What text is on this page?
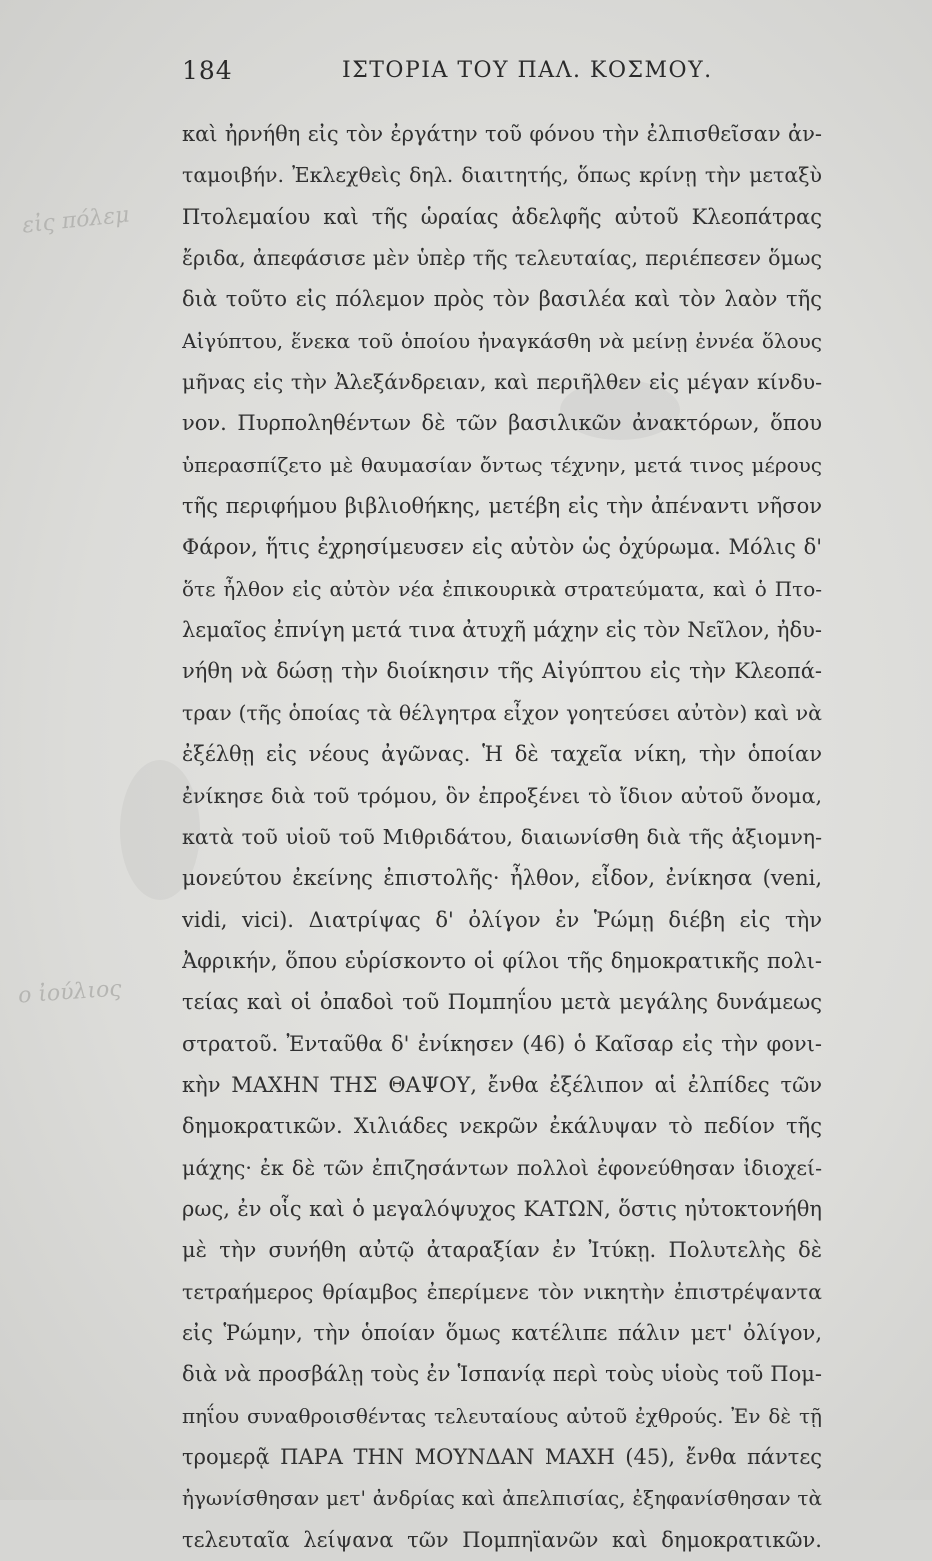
184	ΙΣΤΟΡΙΑ ΤΟΥ ΠΑΛ. ΚΟΣΜΟΥ.
εἰς πόλεμ
ο ἰούλιος
καὶ ἠρνήθη εἰς τὸν ἐργάτην τοῦ φόνου τὴν ἐλπισθεῖσαν ἀν-
ταμοιβήν. Ἐκλεχθεὶς δηλ. διαιτητής, ὅπως κρίνῃ τὴν μεταξὺ
Πτολεμαίου καὶ τῆς ὡραίας ἀδελφῆς αὐτοῦ Κλεοπάτρας
ἔριδα, ἀπεφάσισε μὲν ὑπὲρ τῆς τελευταίας, περιέπεσεν ὅμως
διὰ τοῦτο εἰς πόλεμον πρὸς τὸν βασιλέα καὶ τὸν λαὸν τῆς
Αἰγύπτου, ἕνεκα τοῦ ὁποίου ἠναγκάσθη νὰ μείνῃ ἐννέα ὅλους
μῆνας εἰς τὴν Ἀλεξάνδρειαν, καὶ περιῆλθεν εἰς μέγαν κίνδυ-
νον. Πυρποληθέντων δὲ τῶν βασιλικῶν ἀνακτόρων, ὅπου
ὑπερασπίζετο μὲ θαυμασίαν ὄντως τέχνην, μετά τινος μέρους
τῆς περιφήμου βιβλιοθήκης, μετέβη εἰς τὴν ἀπέναντι νῆσον
Φάρον, ἥτις ἐχρησίμευσεν εἰς αὐτὸν ὡς ὀχύρωμα. Μόλις δ'
ὅτε ἦλθον εἰς αὐτὸν νέα ἐπικουρικὰ στρατεύματα, καὶ ὁ Πτο-
λεμαῖος ἐπνίγη μετά τινα ἀτυχῆ μάχην εἰς τὸν Νεῖλον, ἠδυ-
νήθη νὰ δώσῃ τὴν διοίκησιν τῆς Αἰγύπτου εἰς τὴν Κλεοπά-
τραν (τῆς ὁποίας τὰ θέλγητρα εἶχον γοητεύσει αὐτὸν) καὶ νὰ
ἐξέλθῃ εἰς νέους ἀγῶνας. Ἡ δὲ ταχεῖα νίκη, τὴν ὁποίαν
ἐνίκησε διὰ τοῦ τρόμου, ὃν ἐπροξένει τὸ ἴδιον αὐτοῦ ὄνομα,
κατὰ τοῦ υἱοῦ τοῦ Μιθριδάτου, διαιωνίσθη διὰ τῆς ἀξιομνη-
μονεύτου ἐκείνης ἐπιστολῆς· ἦλθον, εἶδον, ἐνίκησα (veni,
vidi, vici). Διατρίψας δ' ὀλίγον ἐν Ῥώμῃ διέβη εἰς τὴν
Ἀφρικήν, ὅπου εὑρίσκοντο οἱ φίλοι τῆς δημοκρατικῆς πολι-
τείας καὶ οἱ ὀπαδοὶ τοῦ Πομπηΐου μετὰ μεγάλης δυνάμεως
στρατοῦ. Ἐνταῦθα δ' ἐνίκησεν (46) ὁ Καῖσαρ εἰς τὴν φονι-
κὴν ΜΑΧΗΝ ΤΗΣ ΘΑΨΟΥ, ἔνθα ἐξέλιπον αἱ ἐλπίδες τῶν
δημοκρατικῶν. Χιλιάδες νεκρῶν ἐκάλυψαν τὸ πεδίον τῆς
μάχης· ἐκ δὲ τῶν ἐπιζησάντων πολλοὶ ἐφονεύθησαν ἰδιοχεί-
ρως, ἐν οἷς καὶ ὁ μεγαλόψυχος ΚΑΤΩΝ, ὅστις ηὐτοκτονήθη
μὲ τὴν συνήθη αὐτῷ ἀταραξίαν ἐν Ἰτύκῃ. Πολυτελὴς δὲ
τετραήμερος θρίαμβος ἐπερίμενε τὸν νικητὴν ἐπιστρέψαντα
εἰς Ῥώμην, τὴν ὁποίαν ὅμως κατέλιπε πάλιν μετ' ὀλίγον,
διὰ νὰ προσβάλῃ τοὺς ἐν Ἱσπανίᾳ περὶ τοὺς υἱοὺς τοῦ Πομ-
πηΐου συναθροισθέντας τελευταίους αὐτοῦ ἐχθρούς. Ἐν δὲ τῇ
τρομερᾷ ΠΑΡΑ ΤΗΝ ΜΟΥΝΔΑΝ ΜΑΧΗ (45), ἔνθα πάντες
ἠγωνίσθησαν μετ' ἀνδρίας καὶ ἀπελπισίας, ἐξηφανίσθησαν τὰ
τελευταῖα λείψανα τῶν Πομπηϊανῶν καὶ δημοκρατικῶν.
